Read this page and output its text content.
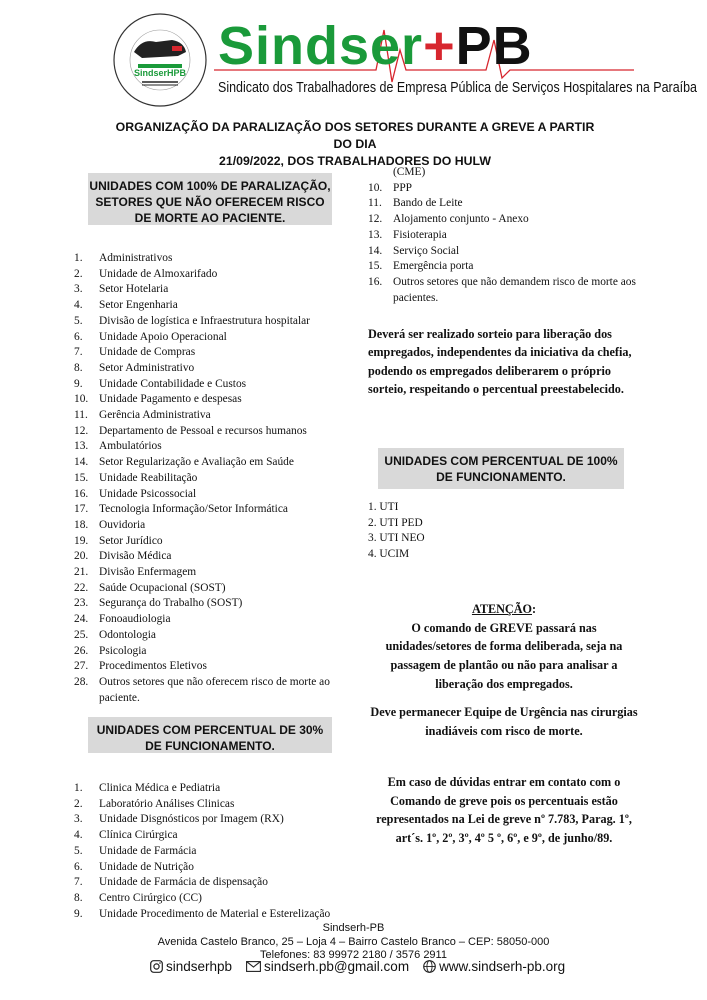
SindserHPB Sindser+PB
Sindicato dos Trabalhadores de Empresa Pública de Serviços Hospitalares na Paraíba
ORGANIZAÇÃO DA PARALIZAÇÃO DOS SETORES DURANTE A GREVE A PARTIR DO DIA
21/09/2022, DOS TRABALHADORES DO HULW
UNIDADES COM 100% DE PARALIZAÇÃO, SETORES QUE NÃO OFERECEM RISCO DE MORTE AO PACIENTE.
1.	Administrativos
2.	Unidade de Almoxarifado
3.	Setor Hotelaria
4.	Setor Engenharia
5.	Divisão de logística e Infraestrutura hospitalar
6.	Unidade Apoio Operacional
7.	Unidade de Compras
8.	Setor Administrativo
9.	Unidade Contabilidade e Custos
10. Unidade Pagamento e despesas
11. Gerência Administrativa
12. Departamento de Pessoal e recursos humanos
13. Ambulatórios
14. Setor Regularização e Avaliação em Saúde
15. Unidade Reabilitação
16. Unidade Psicossocial
17. Tecnologia Informação/Setor Informática
18. Ouvidoria
19. Setor Jurídico
20. Divisão Médica
21. Divisão Enfermagem
22. Saúde Ocupacional (SOST)
23. Segurança do Trabalho (SOST)
24. Fonoaudiologia
25. Odontologia
26. Psicologia
27. Procedimentos Eletivos
28. Outros setores que não oferecem risco de morte ao paciente.
UNIDADES COM PERCENTUAL DE 30% DE FUNCIONAMENTO.
1.	Clinica Médica e Pediatria
2.	Laboratório Análises Clinicas
3.	Unidade Disgnósticos por Imagem (RX)
4.	Clínica Cirúrgica
5.	Unidade de Farmácia
6.	Unidade de Nutrição
7.	Unidade de Farmácia de dispensação
8.	Centro Cirúrgico (CC)
9.	Unidade Procedimento de Material e Esterelização
(CME)
10. PPP
11. Bando de Leite
12. Alojamento conjunto - Anexo
13. Fisioterapia
14. Serviço Social
15. Emergência porta
16. Outros setores que não demandem risco de morte aos pacientes.
Deverá ser realizado sorteio para liberação dos empregados, independentes da iniciativa da chefia, podendo os empregados deliberarem o próprio sorteio, respeitando o percentual preestabelecido.
UNIDADES COM PERCENTUAL DE 100% DE FUNCIONAMENTO.
1. UTI
2. UTI PED
3. UTI NEO
4. UCIM
ATENÇÃO:
O comando de GREVE passará nas unidades/setores de forma deliberada, seja na passagem de plantão ou não para analisar a liberação dos empregados.
Deve permanecer Equipe de Urgência nas cirurgias inadiáveis com risco de morte.
Em caso de dúvidas entrar em contato com o Comando de greve pois os percentuais estão representados na Lei de greve nº 7.783, Parag. 1º, art´s. 1º, 2º, 3º, 4º 5 º, 6º, e 9º, de junho/89.
Sindserh-PB
Avenida Castelo Branco, 25 – Loja 4 – Bairro Castelo Branco – CEP: 58050-000
Telefones: 83 99972 2180 / 3576 2911
sindserhpb sindserh.pb@gmail.com www.sindserh-pb.org
